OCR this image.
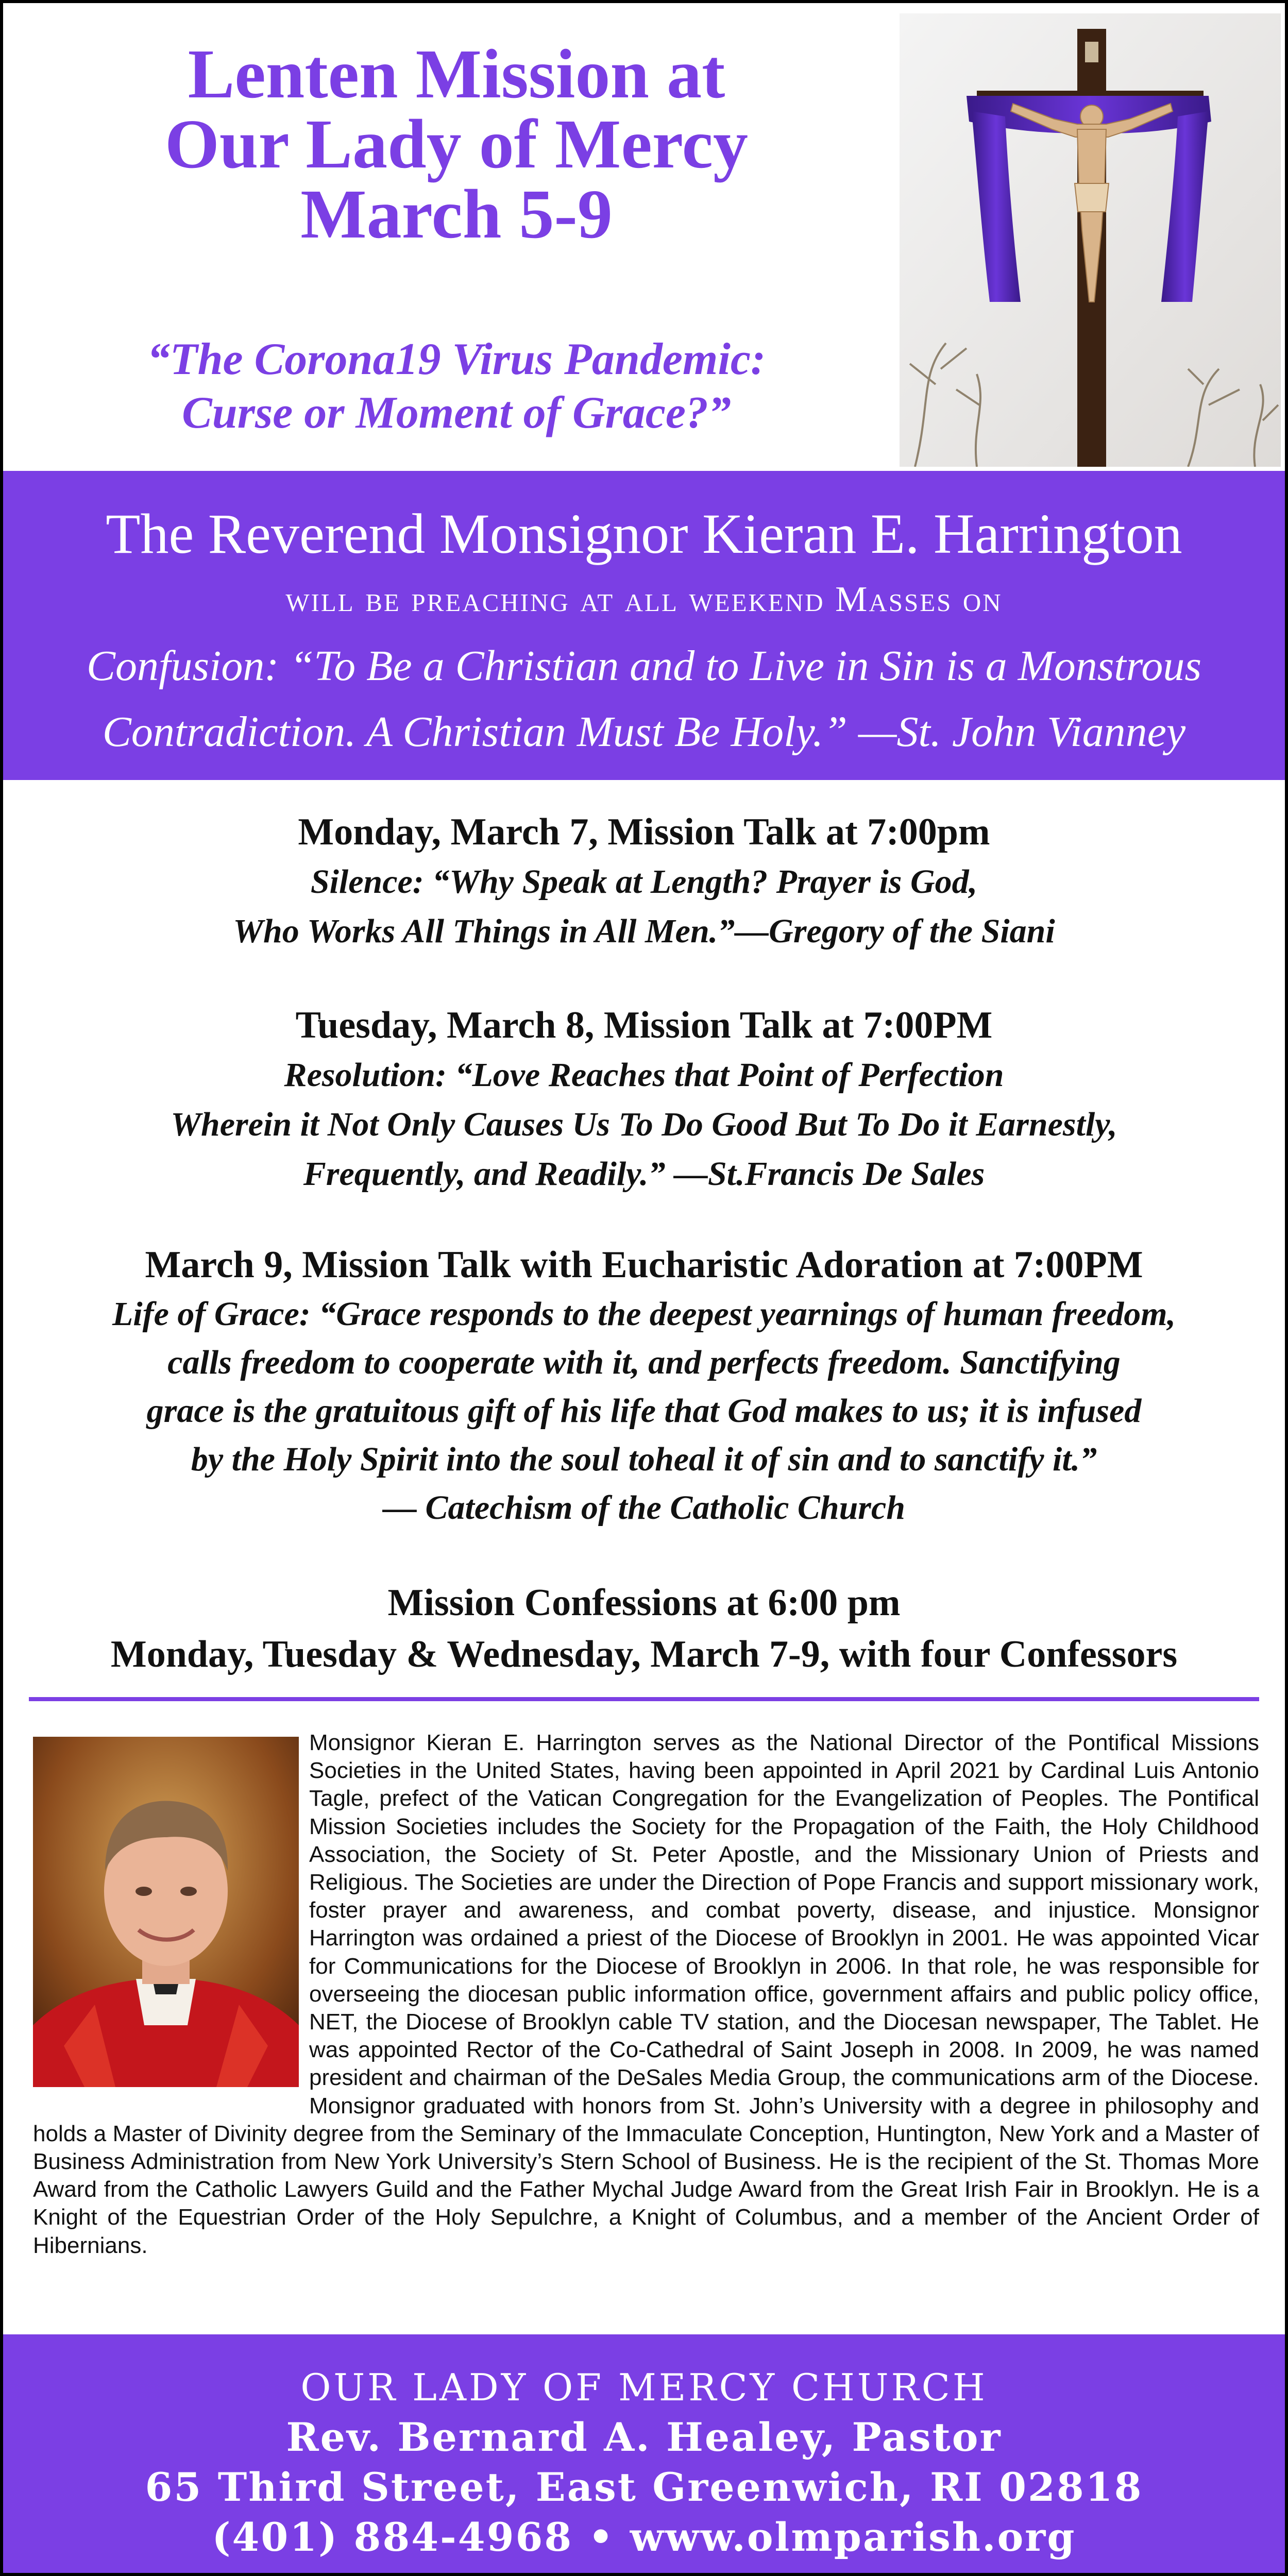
Lenten Mission at
Our Lady of Mercy
March 5-9
“The Corona19 Virus Pandemic:
Curse or Moment of Grace?”
The Reverend Monsignor Kieran E. Harrington
will be preaching at all weekend Masses on
Confusion: “To Be a Christian and to Live in Sin is a Monstrous
Contradiction. A Christian Must Be Holy.” —St. John Vianney
Monday, March 7, Mission Talk at 7:00pm
Silence: “Why Speak at Length? Prayer is God,
Who Works All Things in All Men.”—Gregory of the Siani
Tuesday, March 8, Mission Talk at 7:00PM
Resolution: “Love Reaches that Point of Perfection
Wherein it Not Only Causes Us To Do Good But To Do it Earnestly,
Frequently, and Readily.” —St.Francis De Sales
March 9, Mission Talk with Eucharistic Adoration at 7:00PM
Life of Grace: “Grace responds to the deepest yearnings of human freedom,
calls freedom to cooperate with it, and perfects freedom. Sanctifying
grace is the gratuitous gift of his life that God makes to us; it is infused
by the Holy Spirit into the soul toheal it of sin and to sanctify it.”
— Catechism of the Catholic Church
Mission Confessions at 6:00 pm
Monday, Tuesday & Wednesday, March 7-9, with four Confessors
Monsignor Kieran E. Harrington serves as the National Director of the Pontifical Missions Societies in the United States, having been appointed in April 2021 by Cardinal Luis Antonio Tagle, prefect of the Vatican Congregation for the Evangelization of Peoples. The Pontifical Mission Societies includes the Society for the Propagation of the Faith, the Holy Childhood Association, the Society of St. Peter Apostle, and the Missionary Union of Priests and Religious. The Societies are under the Direction of Pope Francis and support missionary work, foster prayer and awareness, and combat poverty, disease, and injustice. Monsignor Harrington was ordained a priest of the Diocese of Brooklyn in 2001. He was appointed Vicar for Communications for the Diocese of Brooklyn in 2006. In that role, he was responsible for overseeing the diocesan public information office, government affairs and public policy office, NET, the Diocese of Brooklyn cable TV station, and the Diocesan newspaper, The Tablet. He was appointed Rector of the Co-Cathedral of Saint Joseph in 2008. In 2009, he was named president and chairman of the DeSales Media Group, the communications arm of the Diocese. Monsignor graduated with honors from St. John’s University with a degree in philosophy and holds a Master of Divinity degree from the Seminary of the Immaculate Conception, Huntington, New York and a Master of Business Administration from New York University’s Stern School of Business. He is the recipient of the St. Thomas More Award from the Catholic Lawyers Guild and the Father Mychal Judge Award from the Great Irish Fair in Brooklyn. He is a Knight of the Equestrian Order of the Holy Sepulchre, a Knight of Columbus, and a member of the Ancient Order of Hibernians.
OUR LADY OF MERCY CHURCH
Rev. Bernard A. Healey, Pastor
65 Third Street, East Greenwich, RI 02818
(401) 884-4968 • www.olmparish.org
